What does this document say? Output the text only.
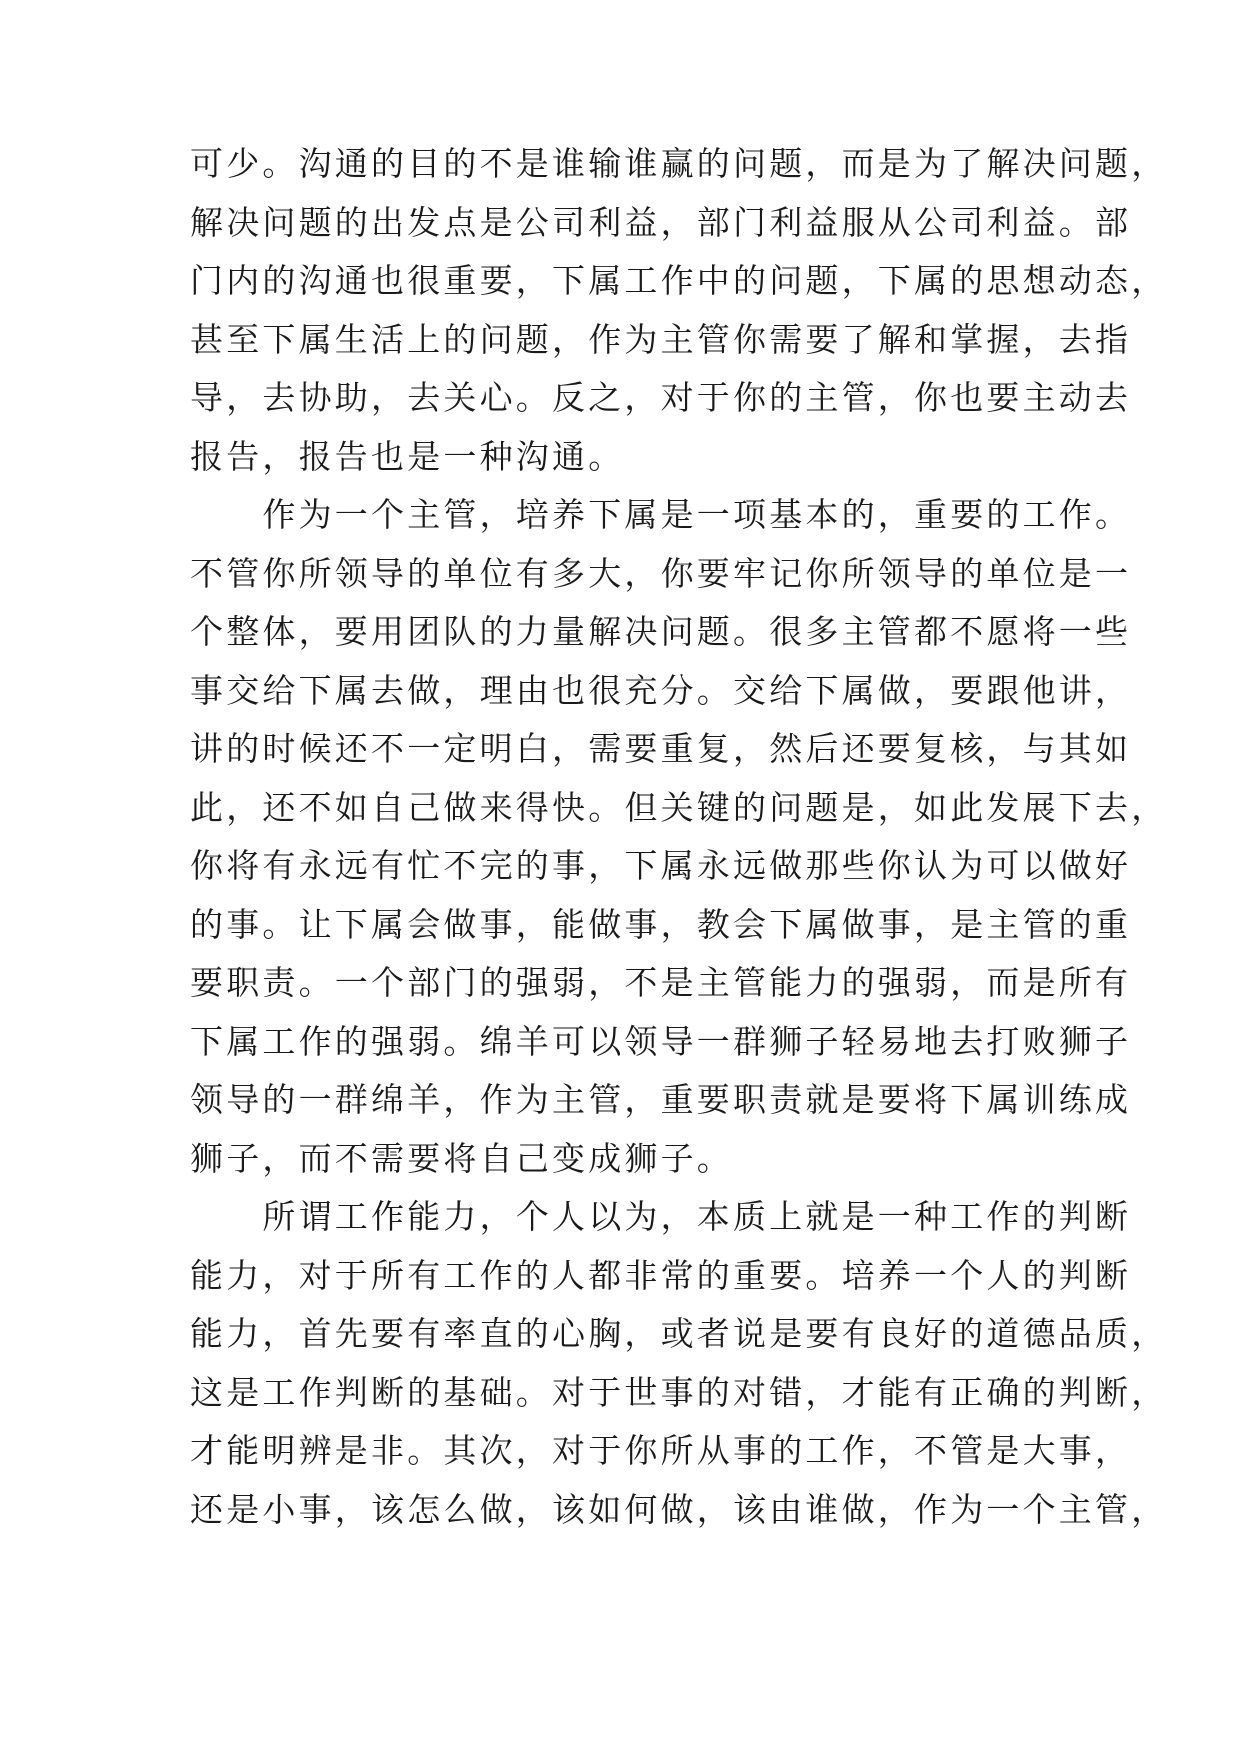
可少。沟通的目的不是谁输谁赢的问题，而是为了解决问题，
解决问题的出发点是公司利益，部门利益服从公司利益。部
门内的沟通也很重要，下属工作中的问题，下属的思想动态，
甚至下属生活上的问题，作为主管你需要了解和掌握，去指
导，去协助，去关心。反之，对于你的主管，你也要主动去
报告，报告也是一种沟通。
　　作为一个主管，培养下属是一项基本的，重要的工作。
不管你所领导的单位有多大，你要牢记你所领导的单位是一
个整体，要用团队的力量解决问题。很多主管都不愿将一些
事交给下属去做，理由也很充分。交给下属做，要跟他讲，
讲的时候还不一定明白，需要重复，然后还要复核，与其如
此，还不如自己做来得快。但关键的问题是，如此发展下去，
你将有永远有忙不完的事，下属永远做那些你认为可以做好
的事。让下属会做事，能做事，教会下属做事，是主管的重
要职责。一个部门的强弱，不是主管能力的强弱，而是所有
下属工作的强弱。绵羊可以领导一群狮子轻易地去打败狮子
领导的一群绵羊，作为主管，重要职责就是要将下属训练成
狮子，而不需要将自己变成狮子。
　　所谓工作能力，个人以为，本质上就是一种工作的判断
能力，对于所有工作的人都非常的重要。培养一个人的判断
能力，首先要有率直的心胸，或者说是要有良好的道德品质，
这是工作判断的基础。对于世事的对错，才能有正确的判断，
才能明辨是非。其次，对于你所从事的工作，不管是大事，
还是小事，该怎么做，该如何做，该由谁做，作为一个主管，
